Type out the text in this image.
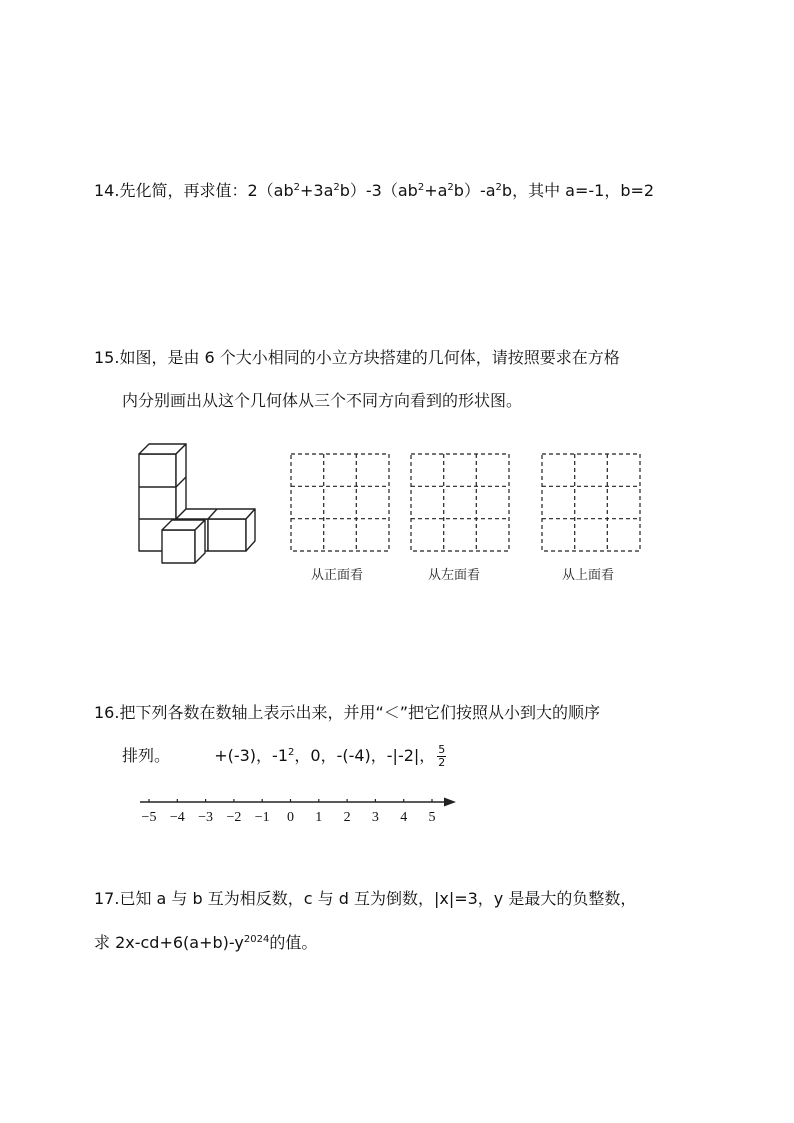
14.先化简，再求值：$2(ab^2+3a^2b)-3(ab^2+a^2b)-a^2b$，其中 a=-1，b=2
15.如图，是由 6 个大小相同的小立方块搭建的几何体，请按照要求在方格
内分别画出从这个几何体从三个不同方向看到的形状图。
从正面看	从左面看	从上面看
16.把下列各数在数轴上表示出来，并用“＜”把它们按照从小到大的顺序
排列。	+(-3)，$-1^2$，0，-(-4)，-|-2|， $\frac{5}{2}$
−5 −4 −3 −2 −1 0 1 2 3 4 5
17.已知 a 与 b 互为相反数，c 与 d 互为倒数，|x|=3，y 是最大的负整数，
求 $2x-cd+6(a+b)-y^{2024}$的值。
